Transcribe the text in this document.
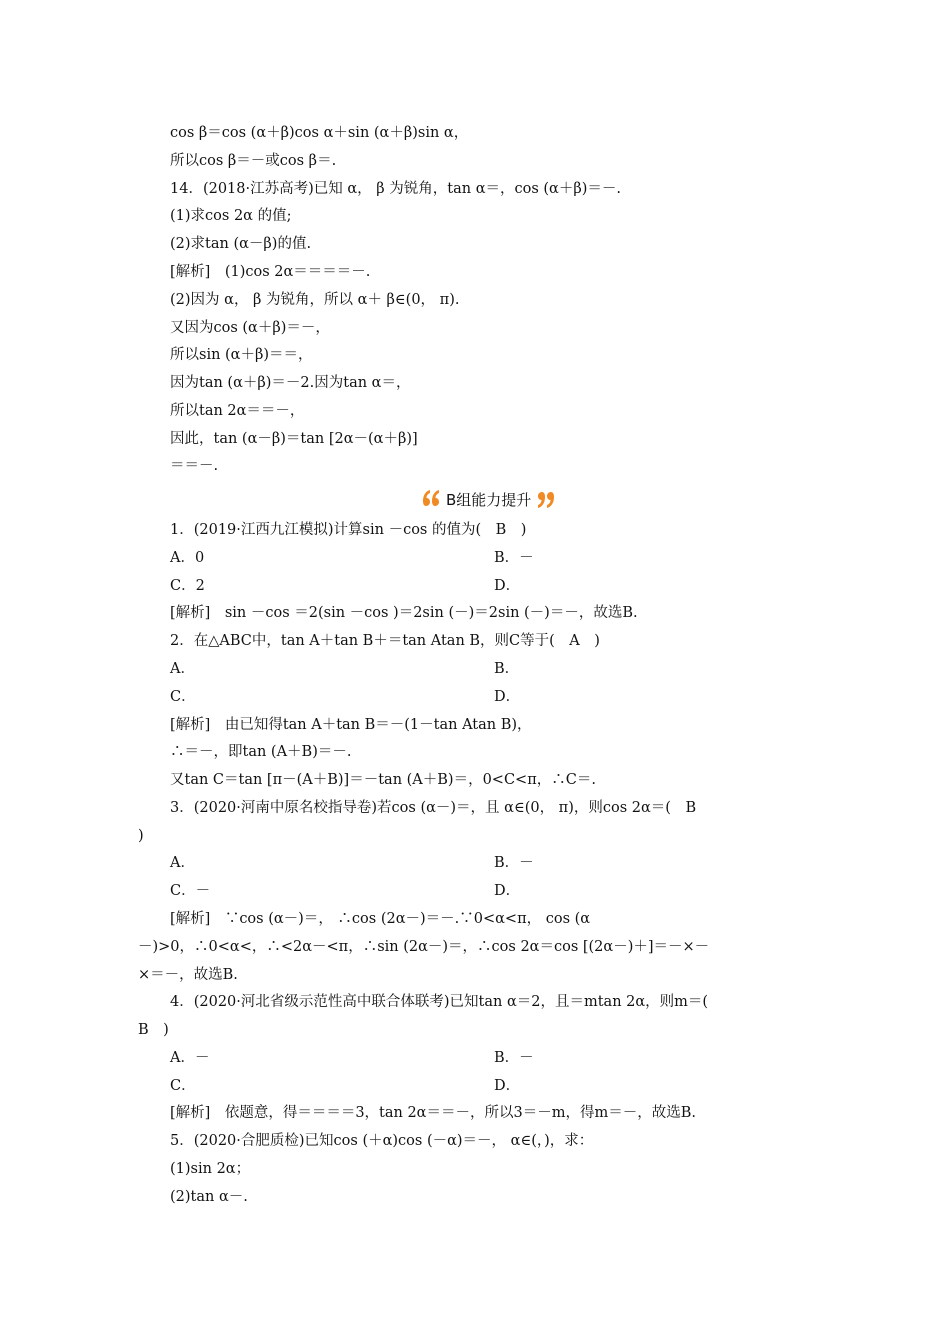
cos β＝cos (α＋β)cos α＋sin (α＋β)sin α，
所以cos β＝－或cos β＝.
14．(2018·江苏高考)已知 α， β 为锐角，tan α＝，cos (α＋β)＝－.
(1)求cos 2α 的值;
(2)求tan (α－β)的值.
[解析]　(1)cos 2α＝＝＝＝－.
(2)因为 α， β 为锐角，所以 α＋ β∈(0， π).
又因为cos (α＋β)＝－，
所以sin (α＋β)＝＝，
因为tan (α＋β)＝－2.因为tan α＝，
所以tan 2α＝＝－，
因此，tan (α－β)＝tan [2α－(α＋β)]
＝＝－.
B组能力提升
1．(2019·江西九江模拟)计算sin －cos 的值为(　B　)
A．0	B．－
C．2	D．
[解析]　sin －cos ＝2(sin －cos )＝2sin (－)＝2sin (－)＝－，故选B.
2．在△ABC中，tan A＋tan B＋＝tan Atan B，则C等于(　A　)
A．	B．
C．	D．
[解析]　由已知得tan A＋tan B＝－(1－tan Atan B)，
∴＝－，即tan (A＋B)＝－.
又tan C＝tan [π－(A＋B)]＝－tan (A＋B)＝，0<C<π，∴C＝.
3．(2020·河南中原名校指导卷)若cos (α－)＝，且 α∈(0， π)，则cos 2α＝(　B
)
A．	B．－
C．－	D．
[解析]　∵cos (α－)＝， ∴cos (2α－)＝－.∵0<α<π， cos (α
－)>0，∴0<α<，∴<2α－<π，∴sin (2α－)＝，∴cos 2α＝cos [(2α－)＋]＝－×－
×＝－，故选B.
4．(2020·河北省级示范性高中联合体联考)已知tan α＝2，且＝mtan 2α，则m＝(
B　)
A．－	B．－
C．	D．
[解析]　依题意，得＝＝＝＝3，tan 2α＝＝－，所以3＝－m，得m＝－，故选B.
5．(2020·合肥质检)已知cos (＋α)cos (－α)＝－， α∈(，)，求：
(1)sin 2α；
(2)tan α－.
